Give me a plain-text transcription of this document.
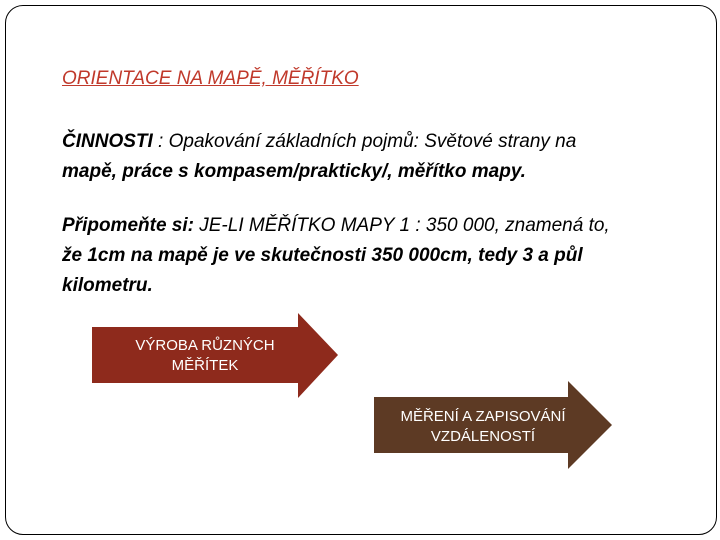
ORIENTACE NA MAPĚ, MĚŘÍTKO
ČINNOSTI : Opakování základních pojmů: Světové strany na
mapě, práce s kompasem/prakticky/, měřítko mapy.
Připomeňte si: JE-LI MĚŘÍTKO MAPY 1 : 350 000, znamená to,
že 1cm na mapě je ve skutečnosti 350 000cm, tedy 3 a půl
kilometru.
VÝROBA RŮZNÝCH
MĚŘÍTEK
MĚŘENÍ A ZAPISOVÁNÍ
VZDÁLENOSTÍ
